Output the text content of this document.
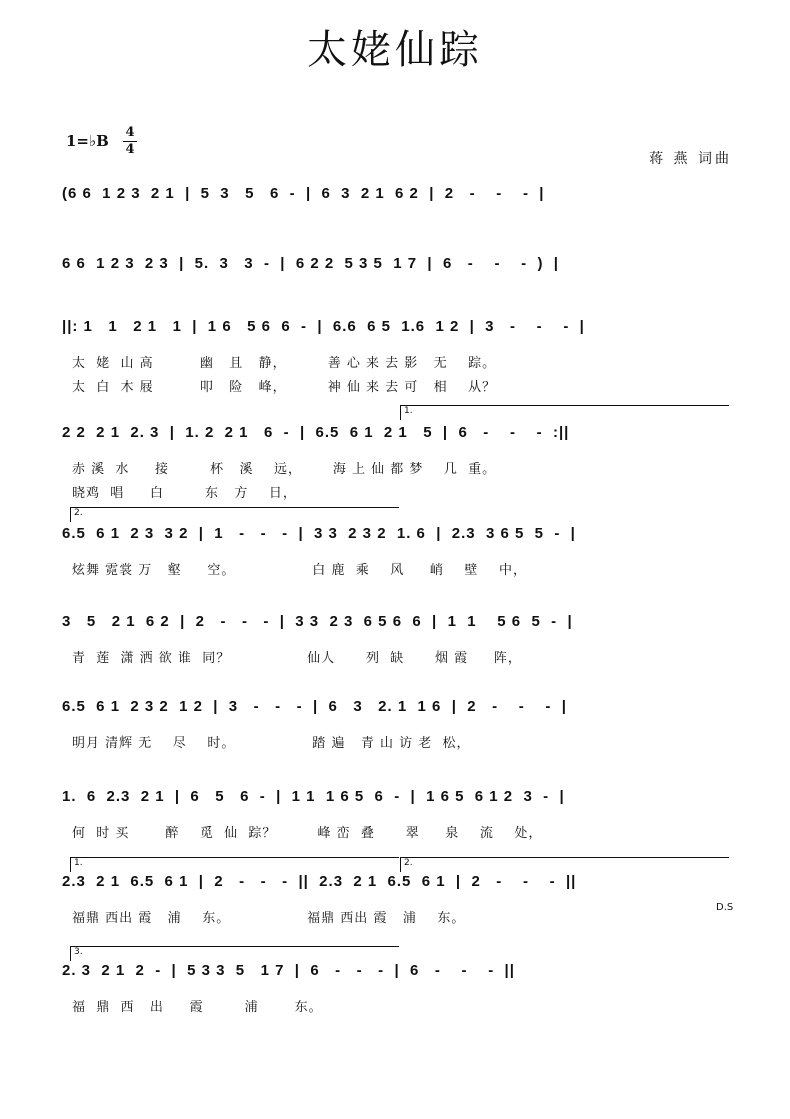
太姥仙踪
1=♭B 4
4
蒋 燕 词曲
(6 6  1 2 3  2 1  |  5  3   5   6  -  |  6  3  2 1  6 2  |  2   -    -    -  |
6 6  1 2 3  2 3  |  5.  3   3  -  |  6 2 2  5 3 5  1 7  |  6   -    -    -  )  |
||: 1   1   2 1   1  |  1 6   5 6  6  -  |  6.6  6 5  1.6  1 2  |  3   -    -    -  |
太  姥  山 高         幽   且   静，        善 心 来 去 影   无    踪。
太  白  木 屐         叩   险   峰，        神 仙 来 去 可   相    从？
2 2  2 1  2. 3  |  1. 2  2 1   6  -  |  6.5  6 1  2 1   5  |  6   -    -    -  :||
赤 溪  水     接        杯   溪    远，      海 上 仙 都 梦    几  重。
晓鸡  唱     白        东   方    日，
6.5  6 1  2 3  3 2  |  1   -   -   -  |  3 3  2 3 2  1. 6  |  2.3  3 6 5  5  -  |
炫舞 霓裳 万   壑     空。               白 鹿  乘    风     峭    壁    中，
3   5   2 1  6 2  |  2   -   -   -  |  3 3  2 3  6 5 6  6  |  1  1    5 6  5  -  |
青  莲  潇 洒 欲 谁  同？               仙人      列  缺      烟 霞     阵，
6.5  6 1  2 3 2  1 2  |  3   -   -   -  |  6   3   2. 1  1 6  |  2   -    -    -  |
明月 清辉 无    尽    时。               踏 遍   青 山 访 老  松，
1.  6  2.3  2 1  |  6   5   6  -  |  1 1  1 6 5  6  -  |  1 6 5  6 1 2  3  -  |
何  时 买       醉    觅  仙  踪？        峰 峦  叠      翠     泉    流    处，
2.3  2 1  6.5  6 1  |  2   -   -   -  ||  2.3  2 1  6.5  6 1  |  2   -    -    -  ||
福鼎 西出 霞   浦    东。               福鼎 西出 霞   浦    东。
2. 3  2 1  2  -  |  5 3 3  5   1 7  |  6   -   -   -  |  6   -    -    -  ||
福  鼎  西   出     霞        浦       东。
D.S
1.
2.
1.	2.
3.
